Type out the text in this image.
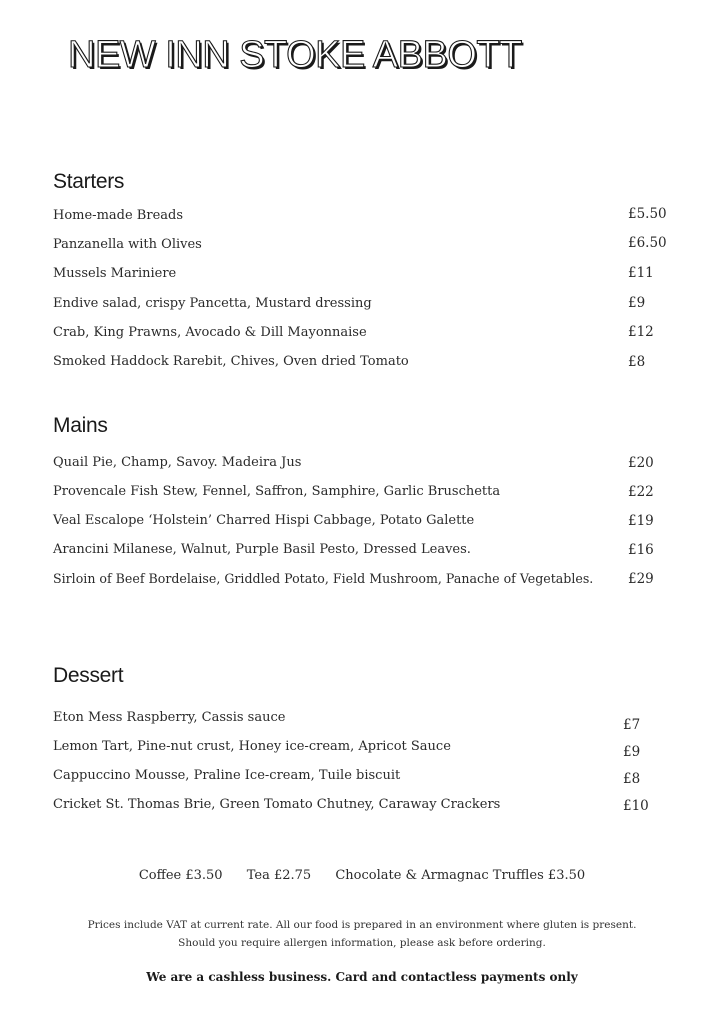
NEW INN STOKE ABBOTT
Starters
Home-made Breads	£5.50
Panzanella with Olives	£6.50
Mussels Mariniere	£11
Endive salad, crispy Pancetta, Mustard dressing	£9
Crab, King Prawns, Avocado & Dill Mayonnaise	£12
Smoked Haddock Rarebit, Chives, Oven dried Tomato	£8
Mains
Quail Pie, Champ, Savoy. Madeira Jus	£20
Provencale Fish Stew, Fennel, Saffron, Samphire, Garlic Bruschetta	£22
Veal Escalope ‘Holstein’ Charred Hispi Cabbage, Potato Galette	£19
Arancini Milanese, Walnut, Purple Basil Pesto, Dressed Leaves.	£16
Sirloin of Beef Bordelaise, Griddled Potato, Field Mushroom, Panache of Vegetables.	£29
Dessert
Eton Mess Raspberry, Cassis sauce	£7
Lemon Tart, Pine-nut crust, Honey ice-cream, Apricot Sauce	£9
Cappuccino Mousse, Praline Ice-cream, Tuile biscuit	£8
Cricket St. Thomas Brie, Green Tomato Chutney, Caraway Crackers	£10
Coffee £3.50 Tea £2.75 Chocolate & Armagnac Truffles £3.50
Prices include VAT at current rate. All our food is prepared in an environment where gluten is present.
Should you require allergen information, please ask before ordering.
We are a cashless business. Card and contactless payments only
